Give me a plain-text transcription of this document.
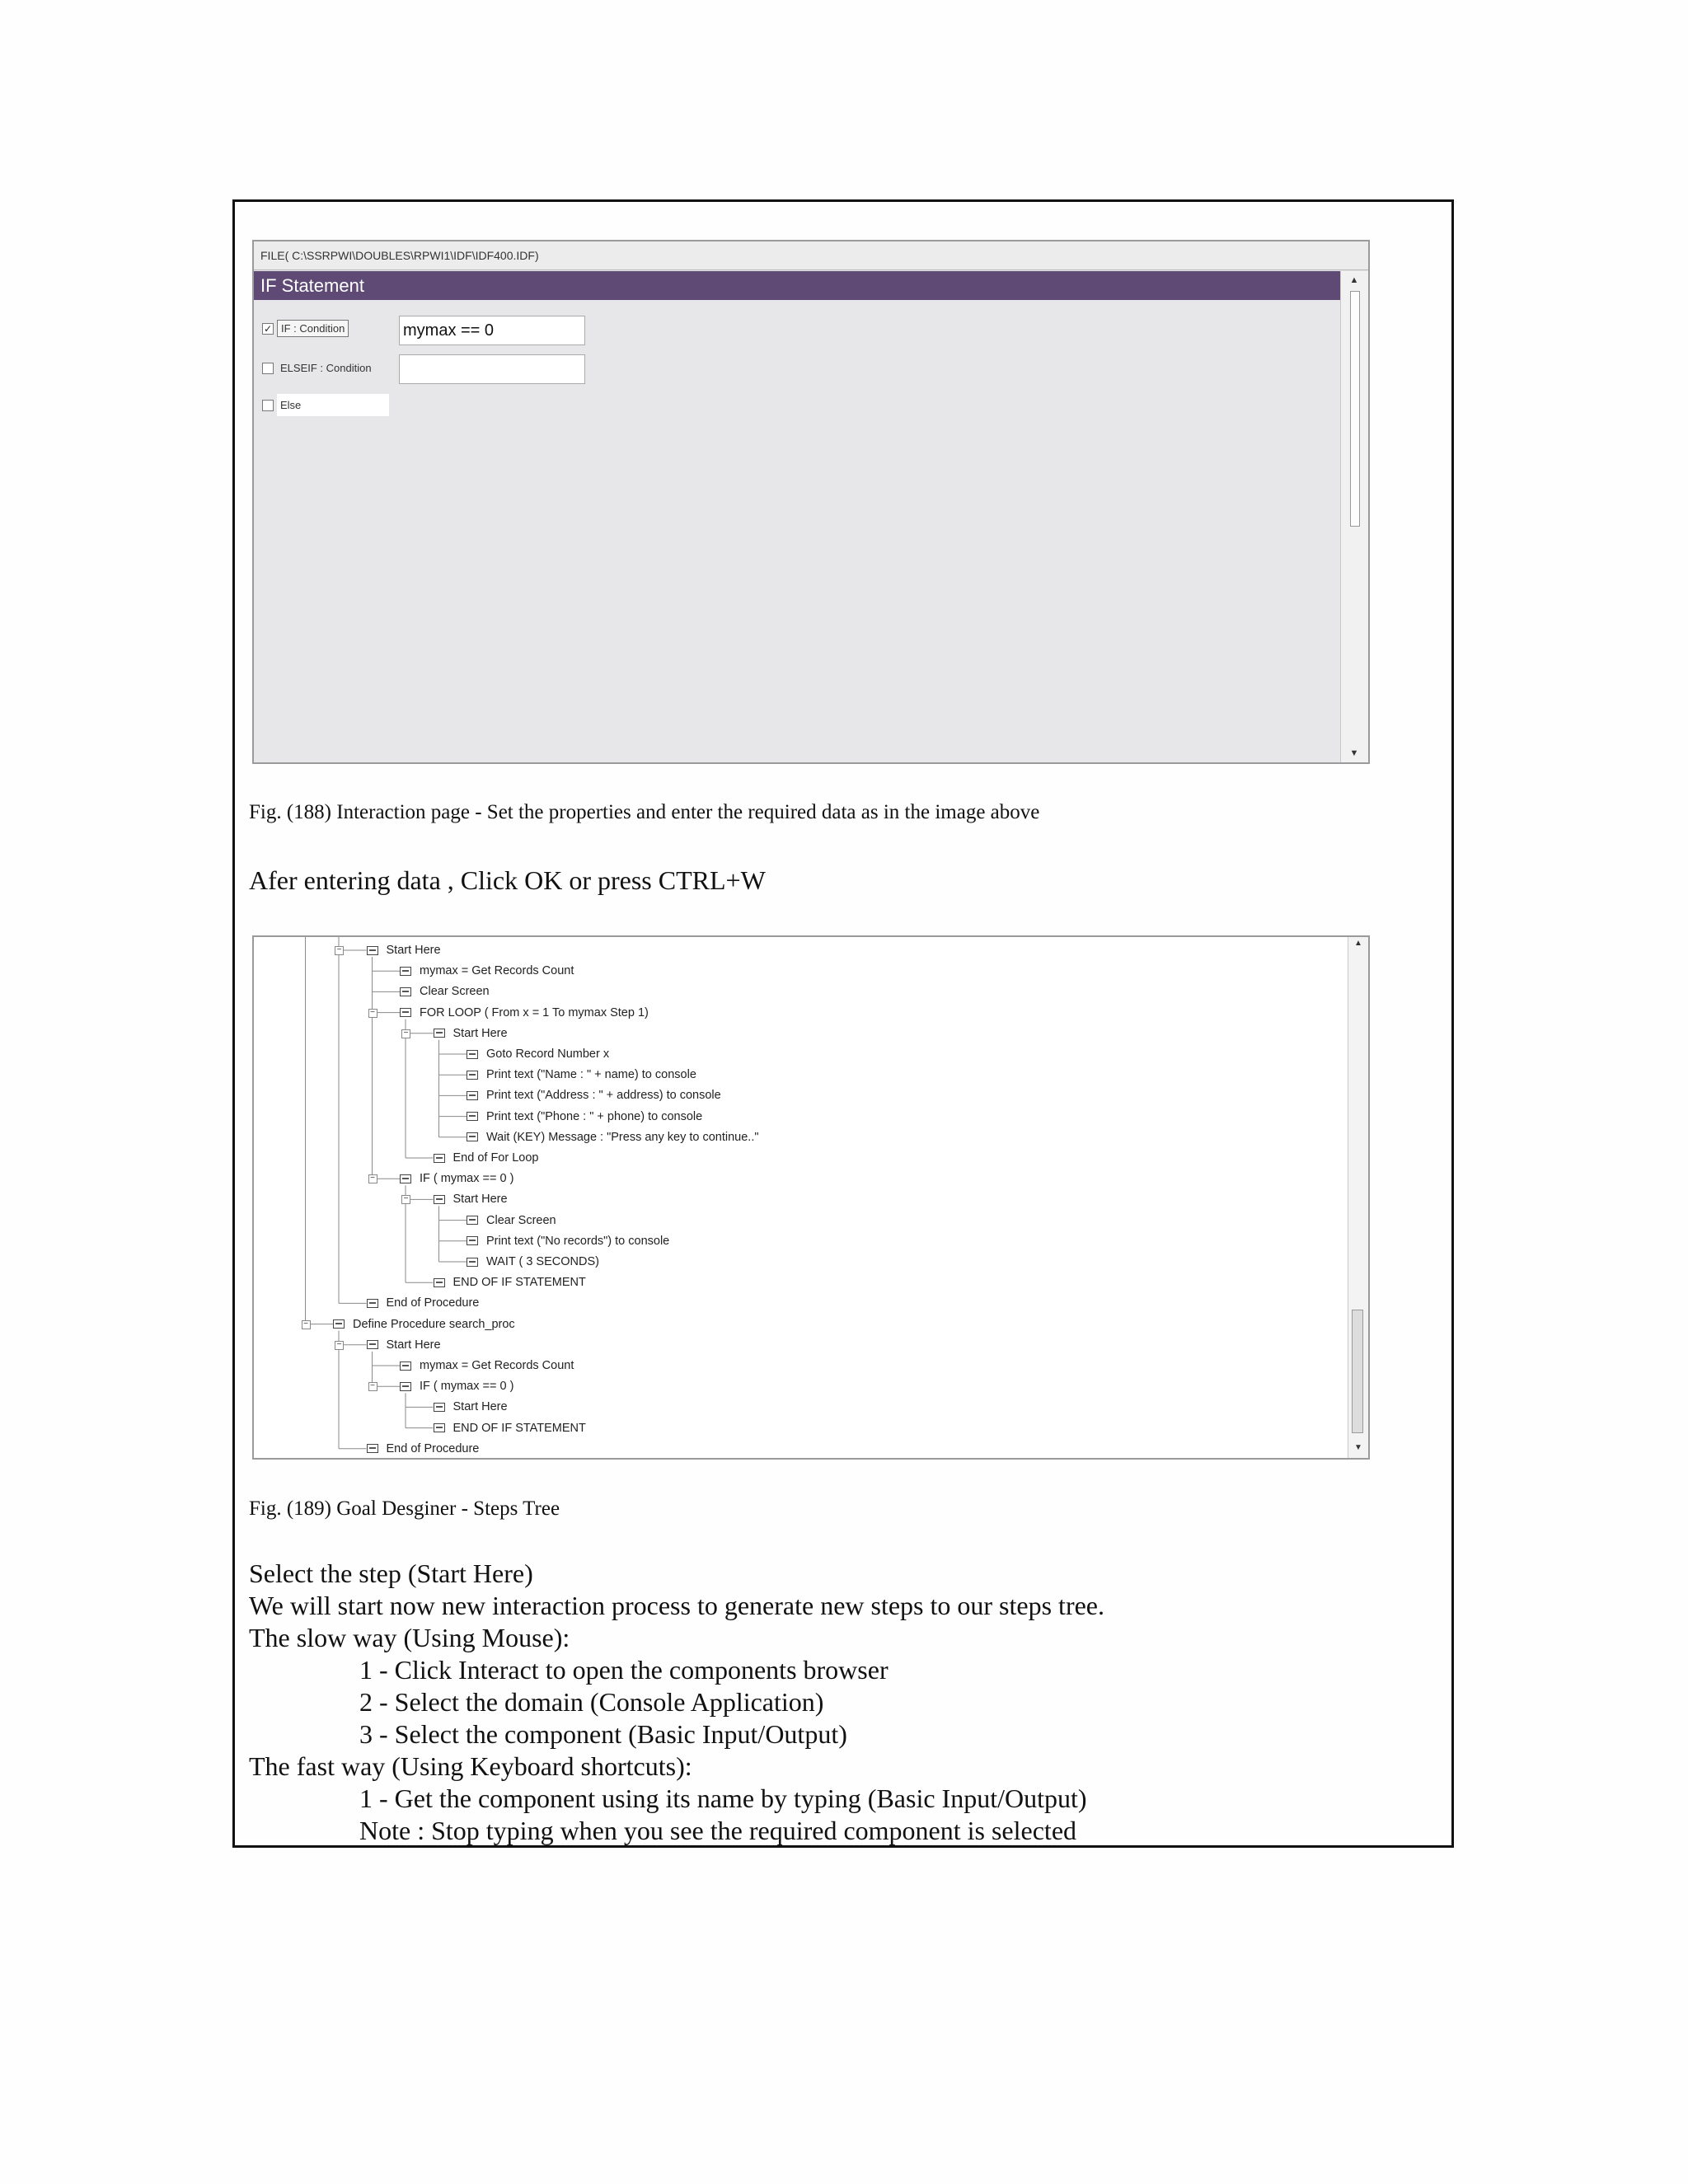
FILE( C:\SSRPWI\DOUBLES\RPWI1\IDF\IDF400.IDF)
IF Statement
✓ IF : Condition	mymax == 0
ELSEIF : Condition
Else
▲
▼
Fig. (188) Interaction page - Set the properties and enter the required data as in the image above
Afer entering data , Click OK or press CTRL+W
Start Here
−
mymax = Get Records Count
Clear Screen
FOR LOOP ( From x = 1 To mymax Step 1)
−
Start Here
−
Goto Record Number x
Print text ("Name : " + name) to console
Print text ("Address : " + address) to console
Print text ("Phone : " + phone) to console
Wait (KEY) Message : "Press any key to continue.."
End of For Loop
IF ( mymax == 0 )
−
Start Here
−
Clear Screen
Print text ("No records") to console
WAIT ( 3 SECONDS)
END OF IF STATEMENT
End of Procedure
Define Procedure search_proc
−
Start Here
−
mymax = Get Records Count
IF ( mymax == 0 )
−
Start Here
END OF IF STATEMENT
End of Procedure
▲
▼
Fig. (189) Goal Desginer - Steps Tree
Select the step (Start Here)
We will start now new interaction process to generate new steps to our steps tree.
The slow way (Using Mouse):
1 - Click Interact to open the components browser
2 - Select the domain (Console Application)
3 - Select the component (Basic Input/Output)
The fast way (Using Keyboard shortcuts):
1 - Get the component using its name by typing (Basic Input/Output)
Note : Stop typing when you see the required component is selected
